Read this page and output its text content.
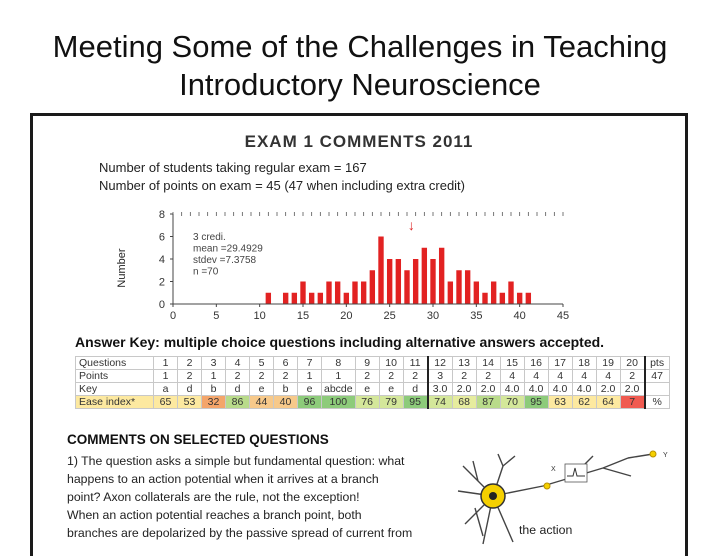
Meeting Some of the Challenges in Teaching
Introductory Neuroscience
EXAM 1 COMMENTS 2011
Number of students taking regular exam = 167
Number of points on exam = 45 (47 when including extra credit)
0	5	10	15	20	25	30	35	40	45
0
2
4
6
8
Number
↓
3 credi.
mean =29.4929
stdev =7.3758
n =70
Answer Key: multiple choice questions including alternative answers accepted.
Questions	1	2	3	4	5	6	7	8	9	10	11	12	13	14	15	16	17	18	19	20	pts
Points	1	2	1	2	2	2	1	1	2	2	2	3	2	2	4	4	4	4	4	2	47
Key	a	d	b	d	e	b	e	abcde	e	e	d	3.0	2.0	2.0	4.0	4.0	4.0	4.0	2.0	2.0	
Ease index*	65	53	32	86	44	40	96	100	76	79	95	74	68	87	70	95	63	62	64	7	%
COMMENTS ON SELECTED QUESTIONS
1) The question asks a simple but fundamental question: what
happens to an action potential when it arrives at a branch
point? Axon collaterals are the rule, not the exception!
When an action potential reaches a branch point, both
branches are depolarized by the passive spread of current from
X
Y
the action
